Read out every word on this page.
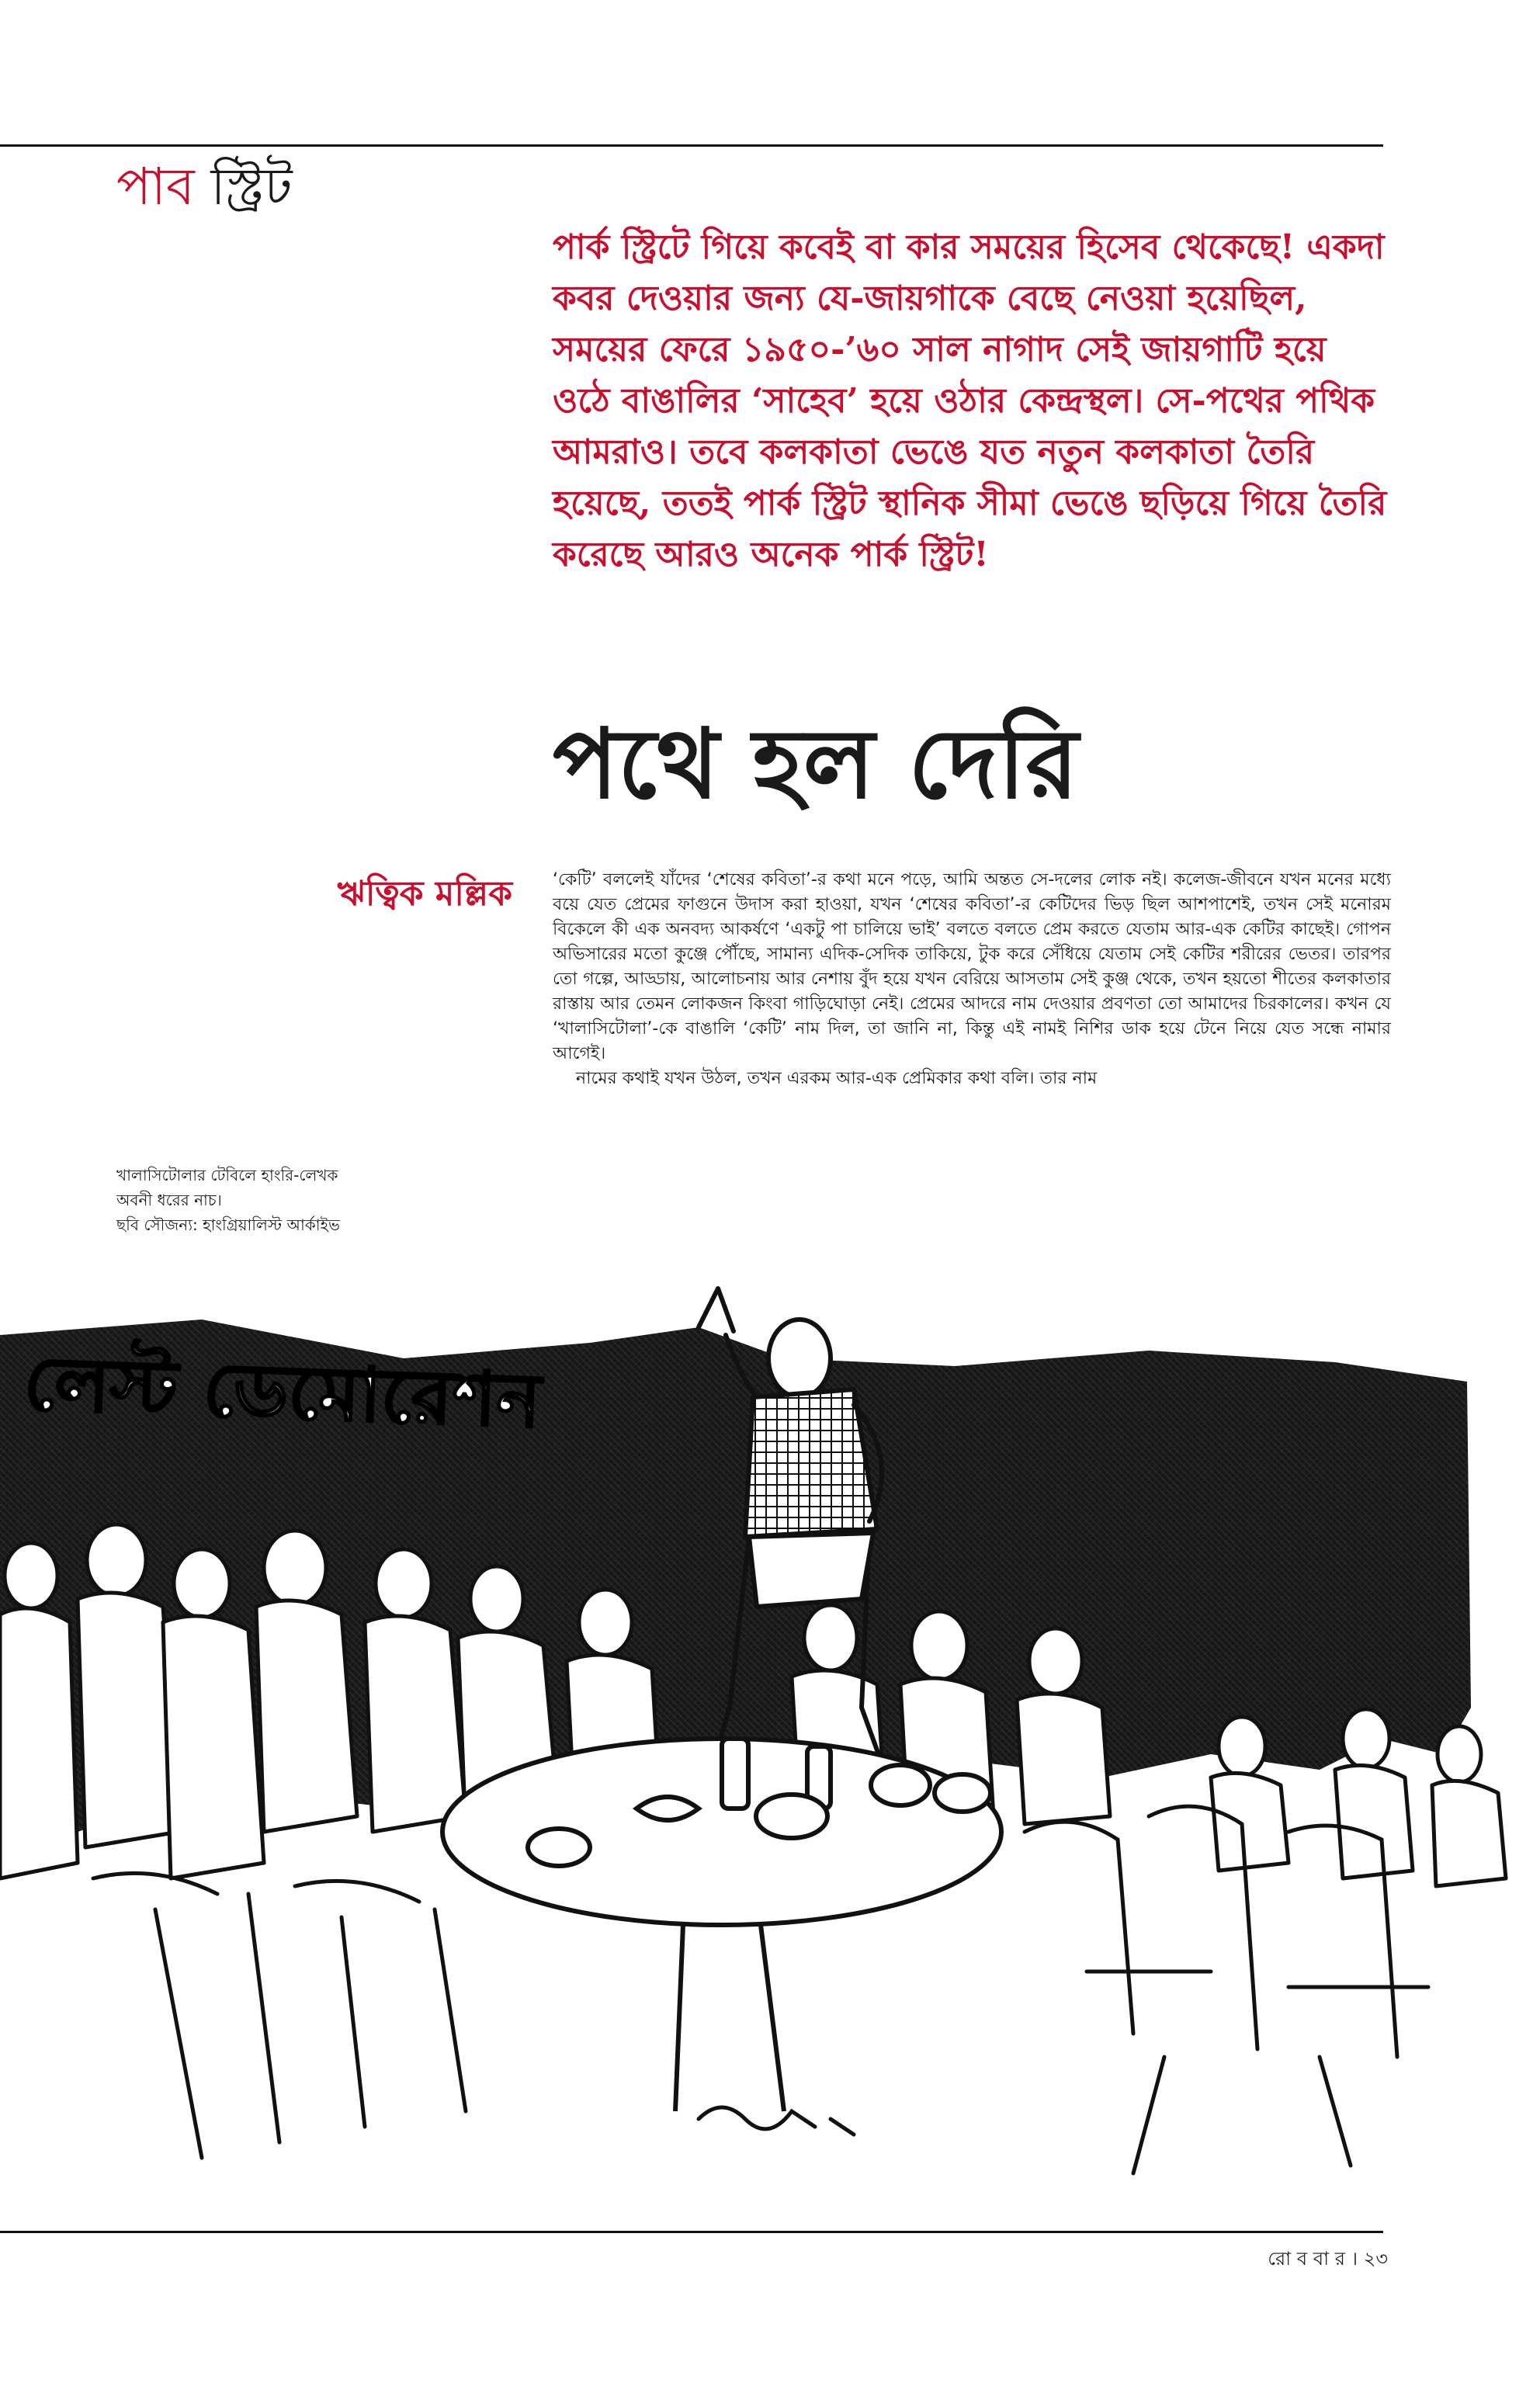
পাব স্ট্রিট

পার্ক স্ট্রিটে গিয়ে কবেই বা কার সময়ের হিসেব থেকেছে! একদা কবর দেওয়ার জন্য যে-জায়গাকে বেছে নেওয়া হয়েছিল, সময়ের ফেরে ১৯৫০-’৬০ সাল নাগাদ সেই জায়গাটি হয়ে ওঠে বাঙালির ‘সাহেব’ হয়ে ওঠার কেন্দ্রস্থল। সে-পথের পথিক আমরাও। তবে কলকাতা ভেঙে যত নতুন কলকাতা তৈরি হয়েছে, ততই পার্ক স্ট্রিট স্থানিক সীমা ভেঙে ছড়িয়ে গিয়ে তৈরি করেছে আরও অনেক পার্ক স্ট্রিট!

পথে হল দেরি
ঋত্বিক মল্লিক ‘কেটি’ বললেই যাঁদের ‘শেষের কবিতা’-র কথা মনে পড়ে, আমি অন্তত সে-দলের লোক নই। কলেজ-জীবনে যখন মনের মধ্যে বয়ে যেত প্রেমের ফাগুনে উদাস করা হাওয়া, যখন ‘শেষের কবিতা’-র কেটিদের ভিড় ছিল আশপাশেই, তখন সেই মনোরম বিকেলে কী এক অনবদ্য আকর্ষণে ‘একটু পা চালিয়ে ভাই’ বলতে বলতে প্রেম করতে যেতাম আর-এক কেটির কাছেই। গোপন অভিসারের মতো কুঞ্জে পৌঁছে, সামান্য এদিক-সেদিক তাকিয়ে, টুক করে সেঁধিয়ে যেতাম সেই কেটির শরীরের ভেতর। তারপর তো গল্পে, আড্ডায়, আলোচনায় আর নেশায় বুঁদ হয়ে যখন বেরিয়ে আসতাম সেই কুঞ্জ থেকে, তখন হয়তো শীতের কলকাতার রাস্তায় আর তেমন লোকজন কিংবা গাড়িঘোড়া নেই। প্রেমের আদরে নাম দেওয়ার প্রবণতা তো আমাদের চিরকালের। কখন যে ‘খালাসিটোলা’-কে বাঙালি ‘কেটি’ নাম দিল, তা জানি না, কিন্তু এই নামই নিশির ডাক হয়ে টেনে নিয়ে যেত সন্ধে নামার আগেই।

নামের কথাই যখন উঠল, তখন এরকম আর-এক প্রেমিকার কথা বলি। তার নাম

খালাসিটোলার টেবিলে হাংরি-লেখক
অবনী ধরের নাচ।
ছবি সৌজন্য: হাংগ্রিয়ালিস্ট আর্কাইভ
লেস্ট ডেমোরেশন
রো ব বা র । ২৩
